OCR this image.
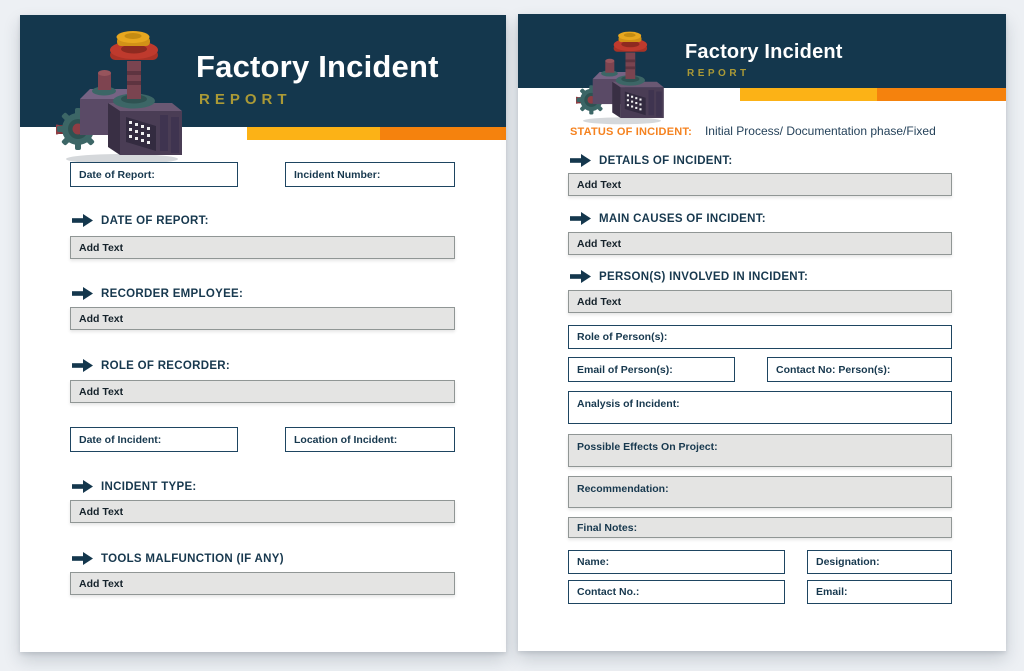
Factory Incident
REPORT
Date of Report:	Incident Number:
DATE OF REPORT:
Add Text
RECORDER EMPLOYEE:
Add Text
ROLE OF RECORDER:
Add Text
Date of Incident:	Location of Incident:
INCIDENT TYPE:
Add Text
TOOLS MALFUNCTION (IF ANY)
Add Text
Factory Incident
REPORT
STATUS OF INCIDENT: Initial Process/ Documentation phase/Fixed
DETAILS OF INCIDENT:
Add Text
MAIN CAUSES OF INCIDENT:
Add Text
PERSON(S) INVOLVED IN INCIDENT:
Add Text
Role of Person(s):
Email of Person(s):	Contact No: Person(s):
Analysis of Incident:
Possible Effects On Project:
Recommendation:
Final Notes:
Name:	Designation:
Contact No.:	Email:
